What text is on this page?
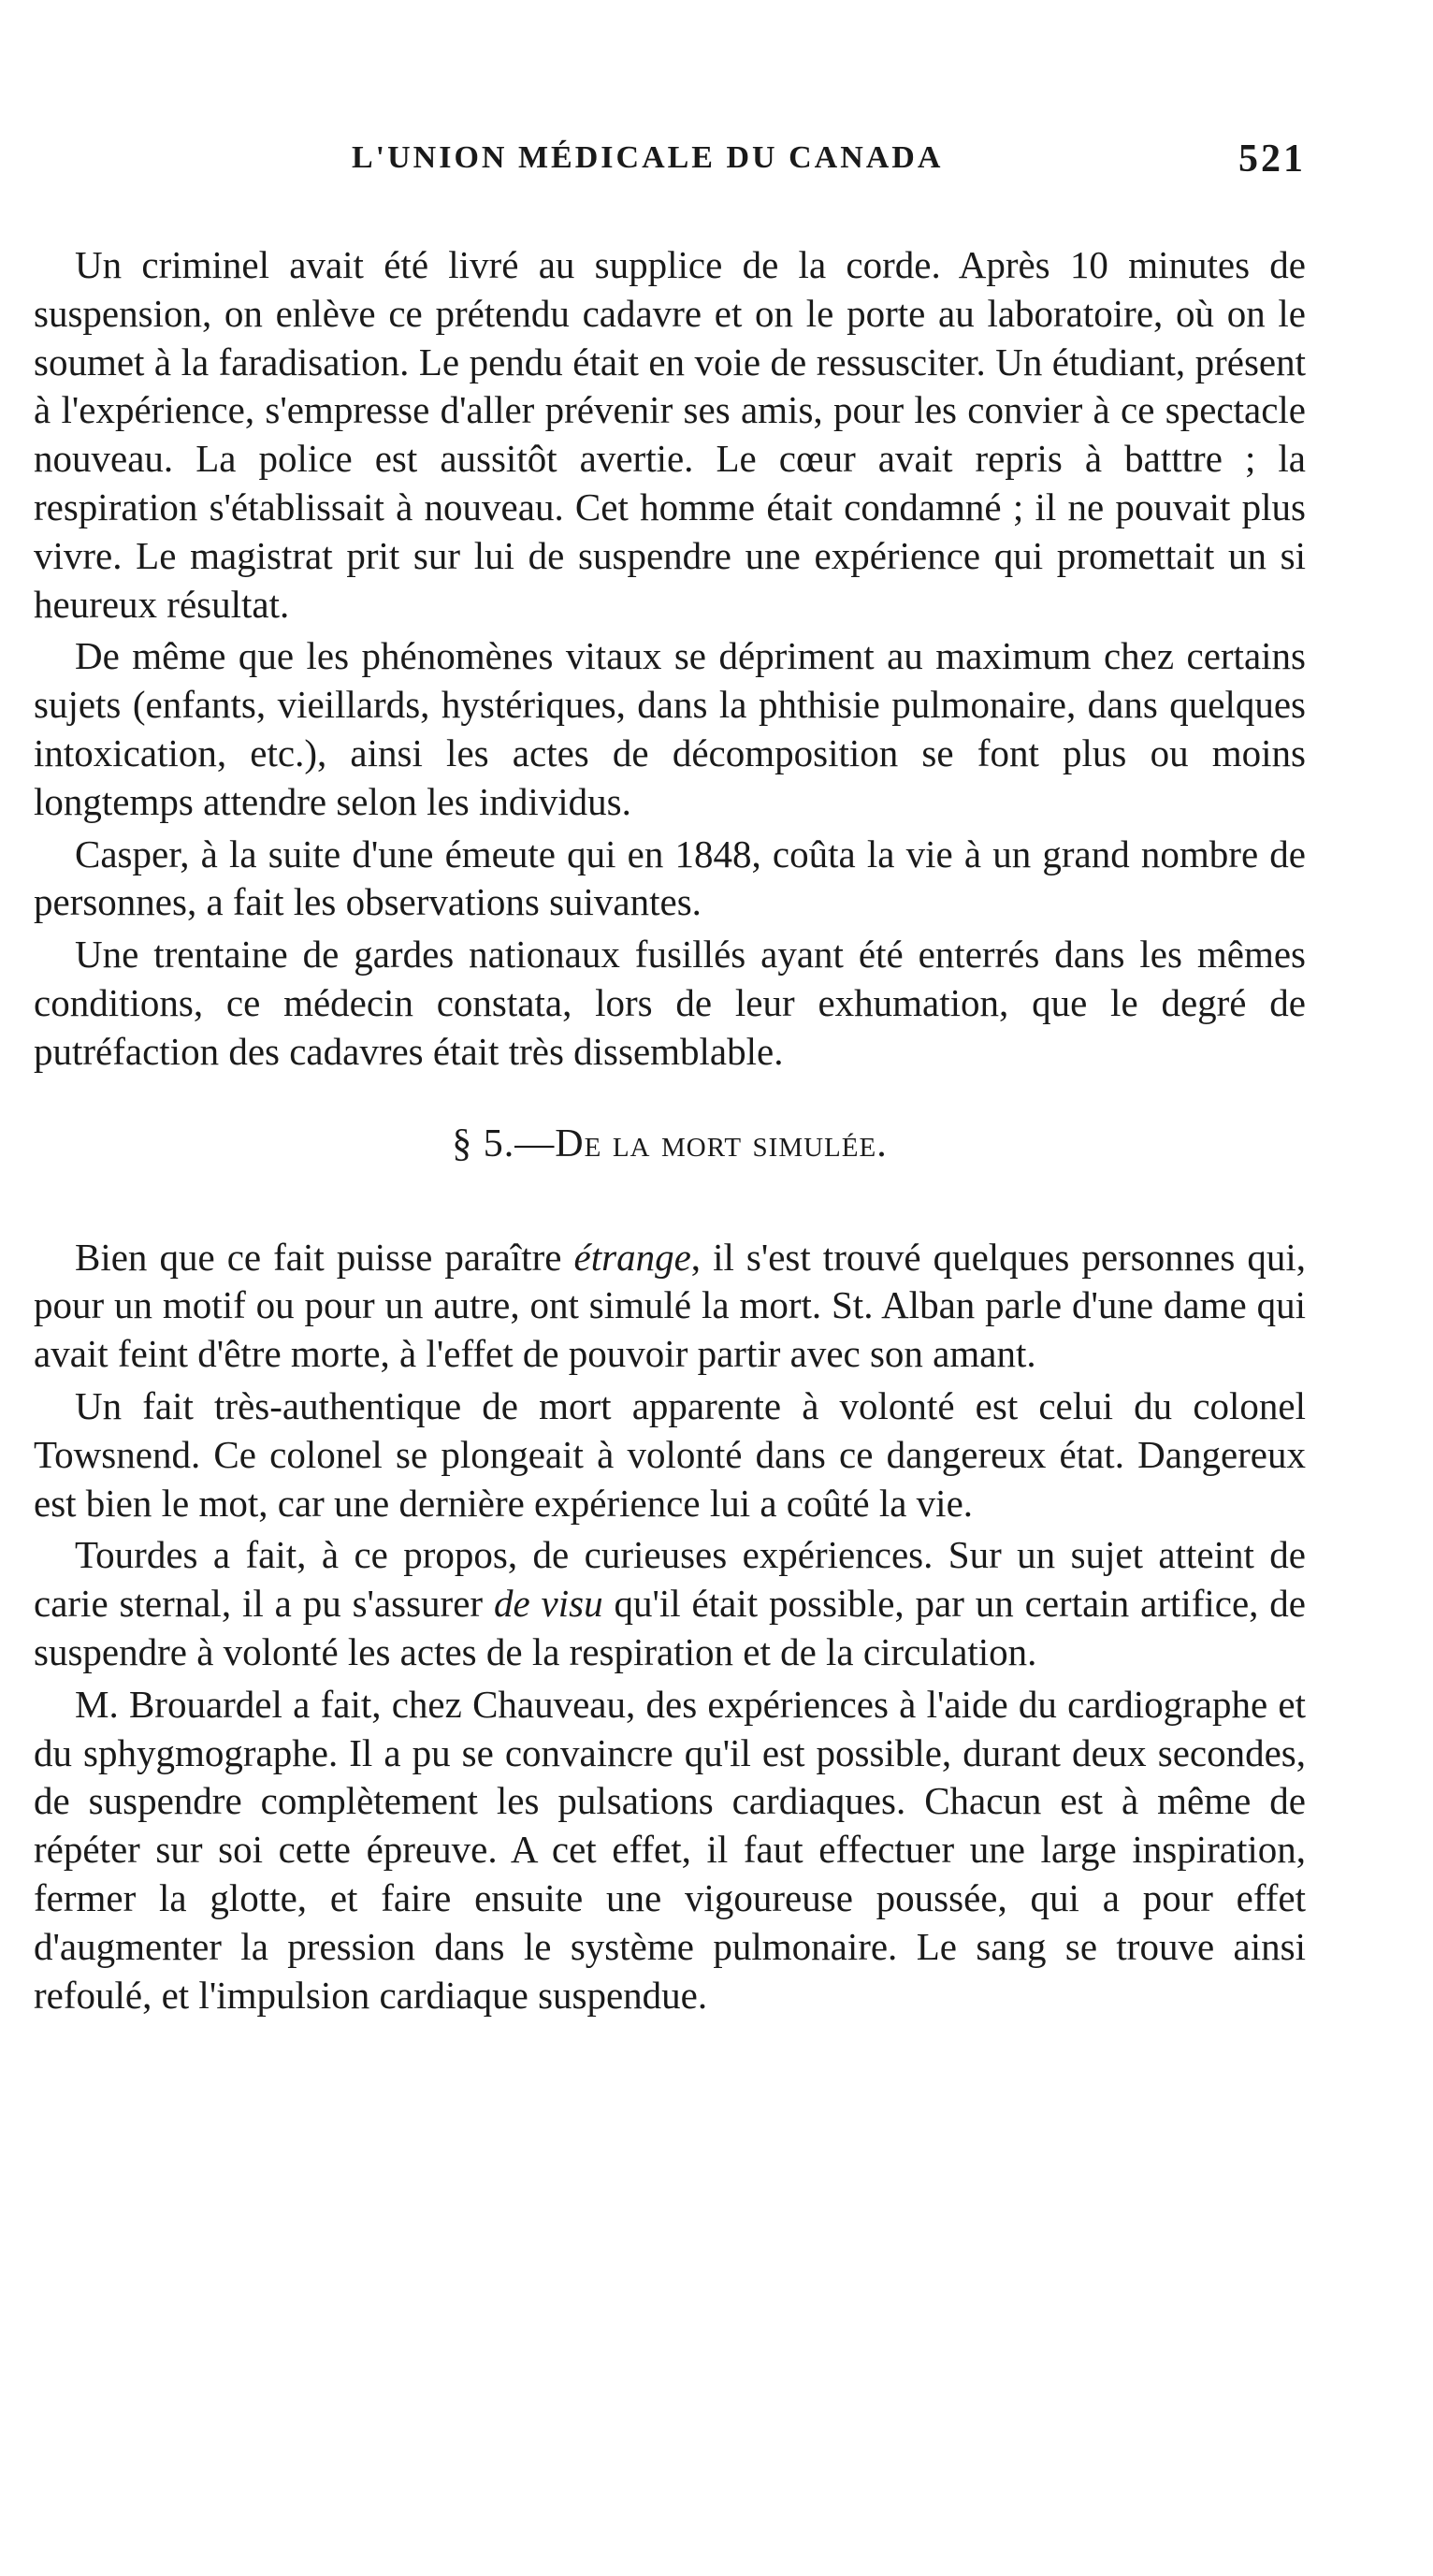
L'UNION MÉDICALE DU CANADA	521

Un criminel avait été livré au supplice de la corde. Après 10 minutes de suspension, on enlève ce prétendu cadavre et on le porte au laboratoire, où on le soumet à la faradisation. Le pendu était en voie de ressusciter. Un étudiant, présent à l'expérience, s'empresse d'aller prévenir ses amis, pour les convier à ce spectacle nouveau. La police est aussitôt avertie. Le cœur avait repris à batttre ; la respiration s'établissait à nouveau. Cet homme était condamné ; il ne pouvait plus vivre. Le magistrat prit sur lui de suspendre une expérience qui promettait un si heureux résultat.

De même que les phénomènes vitaux se dépriment au maximum chez certains sujets (enfants, vieillards, hystériques, dans la phthisie pulmonaire, dans quelques intoxication, etc.), ainsi les actes de décomposition se font plus ou moins longtemps attendre selon les individus.

Casper, à la suite d'une émeute qui en 1848, coûta la vie à un grand nombre de personnes, a fait les observations suivantes.

Une trentaine de gardes nationaux fusillés ayant été enterrés dans les mêmes conditions, ce médecin constata, lors de leur exhumation, que le degré de putréfaction des cadavres était très dissemblable.

§ 5.—De la mort simulée.

Bien que ce fait puisse paraître étrange, il s'est trouvé quelques personnes qui, pour un motif ou pour un autre, ont simulé la mort. St. Alban parle d'une dame qui avait feint d'être morte, à l'effet de pouvoir partir avec son amant.

Un fait très-authentique de mort apparente à volonté est celui du colonel Towsnend. Ce colonel se plongeait à volonté dans ce dangereux état. Dangereux est bien le mot, car une dernière expérience lui a coûté la vie.

Tourdes a fait, à ce propos, de curieuses expériences. Sur un sujet atteint de carie sternal, il a pu s'assurer de visu qu'il était possible, par un certain artifice, de suspendre à volonté les actes de la respiration et de la circulation.

M. Brouardel a fait, chez Chauveau, des expériences à l'aide du cardiographe et du sphygmographe. Il a pu se convaincre qu'il est possible, durant deux secondes, de suspendre complètement les pulsations cardiaques. Chacun est à même de répéter sur soi cette épreuve. A cet effet, il faut effectuer une large inspiration, fermer la glotte, et faire ensuite une vigoureuse poussée, qui a pour effet d'augmenter la pression dans le système pulmonaire. Le sang se trouve ainsi refoulé, et l'impulsion cardiaque suspendue.
